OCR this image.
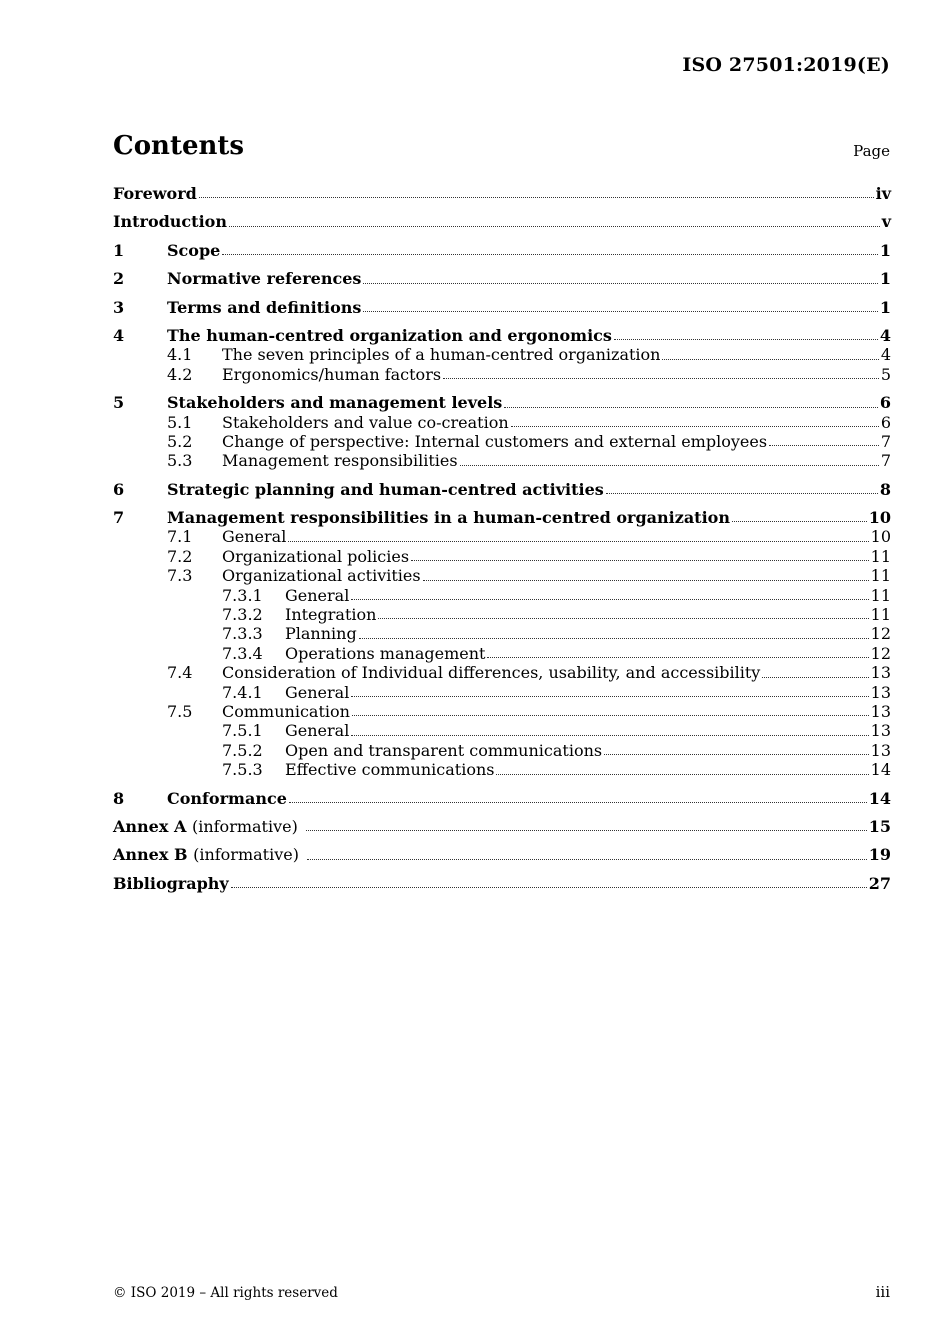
ISO 27501:2019(E)
Contents	Page
Foreword	iv
Introduction	v
1	Scope	1
2	Normative references	1
3	Terms and definitions	1
4	The human-centred organization and ergonomics	4
4.1	The seven principles of a human-centred organization	4
4.2	Ergonomics/human factors	5
5	Stakeholders and management levels	6
5.1	Stakeholders and value co-creation	6
5.2	Change of perspective: Internal customers and external employees	7
5.3	Management responsibilities	7
6	Strategic planning and human-centred activities	8
7	Management responsibilities in a human-centred organization	10
7.1	General	10
7.2	Organizational policies	11
7.3	Organizational activities	11
7.3.1	General	11
7.3.2	Integration	11
7.3.3	Planning	12
7.3.4	Operations management	12
7.4	Consideration of Individual differences, usability, and accessibility	13
7.4.1	General	13
7.5	Communication	13
7.5.1	General	13
7.5.2	Open and transparent communications	13
7.5.3	Effective communications	14
8	Conformance	14
Annex A (informative)	15
Annex B (informative)	19
Bibliography	27
© ISO 2019 – All rights reserved	iii
